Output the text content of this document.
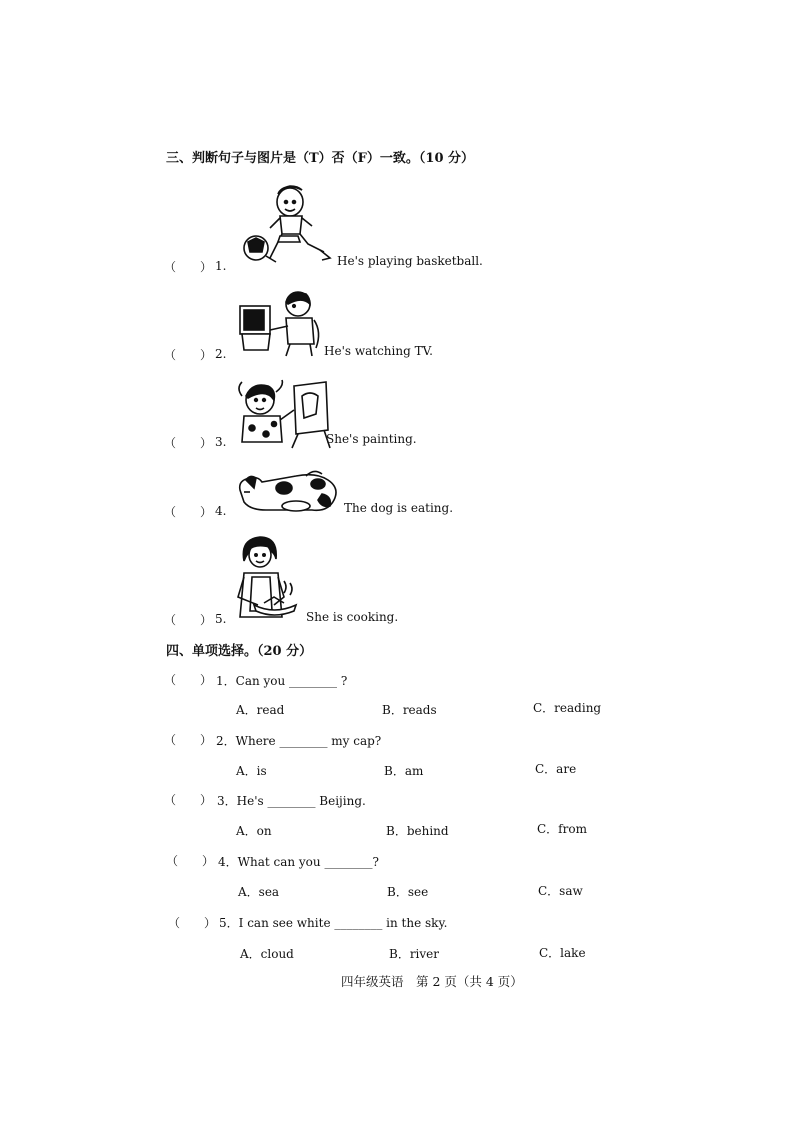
三、判断句子与图片是（T）否（F）一致。（10 分）
（　　） 1.	He's playing basketball.
（　　） 2.	He's watching TV.
（　　） 3.	She's painting.
（　　） 4.	The dog is eating.
（　　） 5.	She is cooking.
四、单项选择。（20 分）
（　　） 1．Can you ________ ?
A．read	B．reads	C．reading
（　　） 2．Where ________ my cap?
A．is	B．am	C．are
（　　） 3．He's ________ Beijing.
A．on	B．behind	C．from
（　　） 4．What can you ________?
A．sea	B．see	C．saw
（　　） 5．I can see white ________ in the sky.
A．cloud	B．river	C．lake
四年级英语　第 2 页（共 4 页）
